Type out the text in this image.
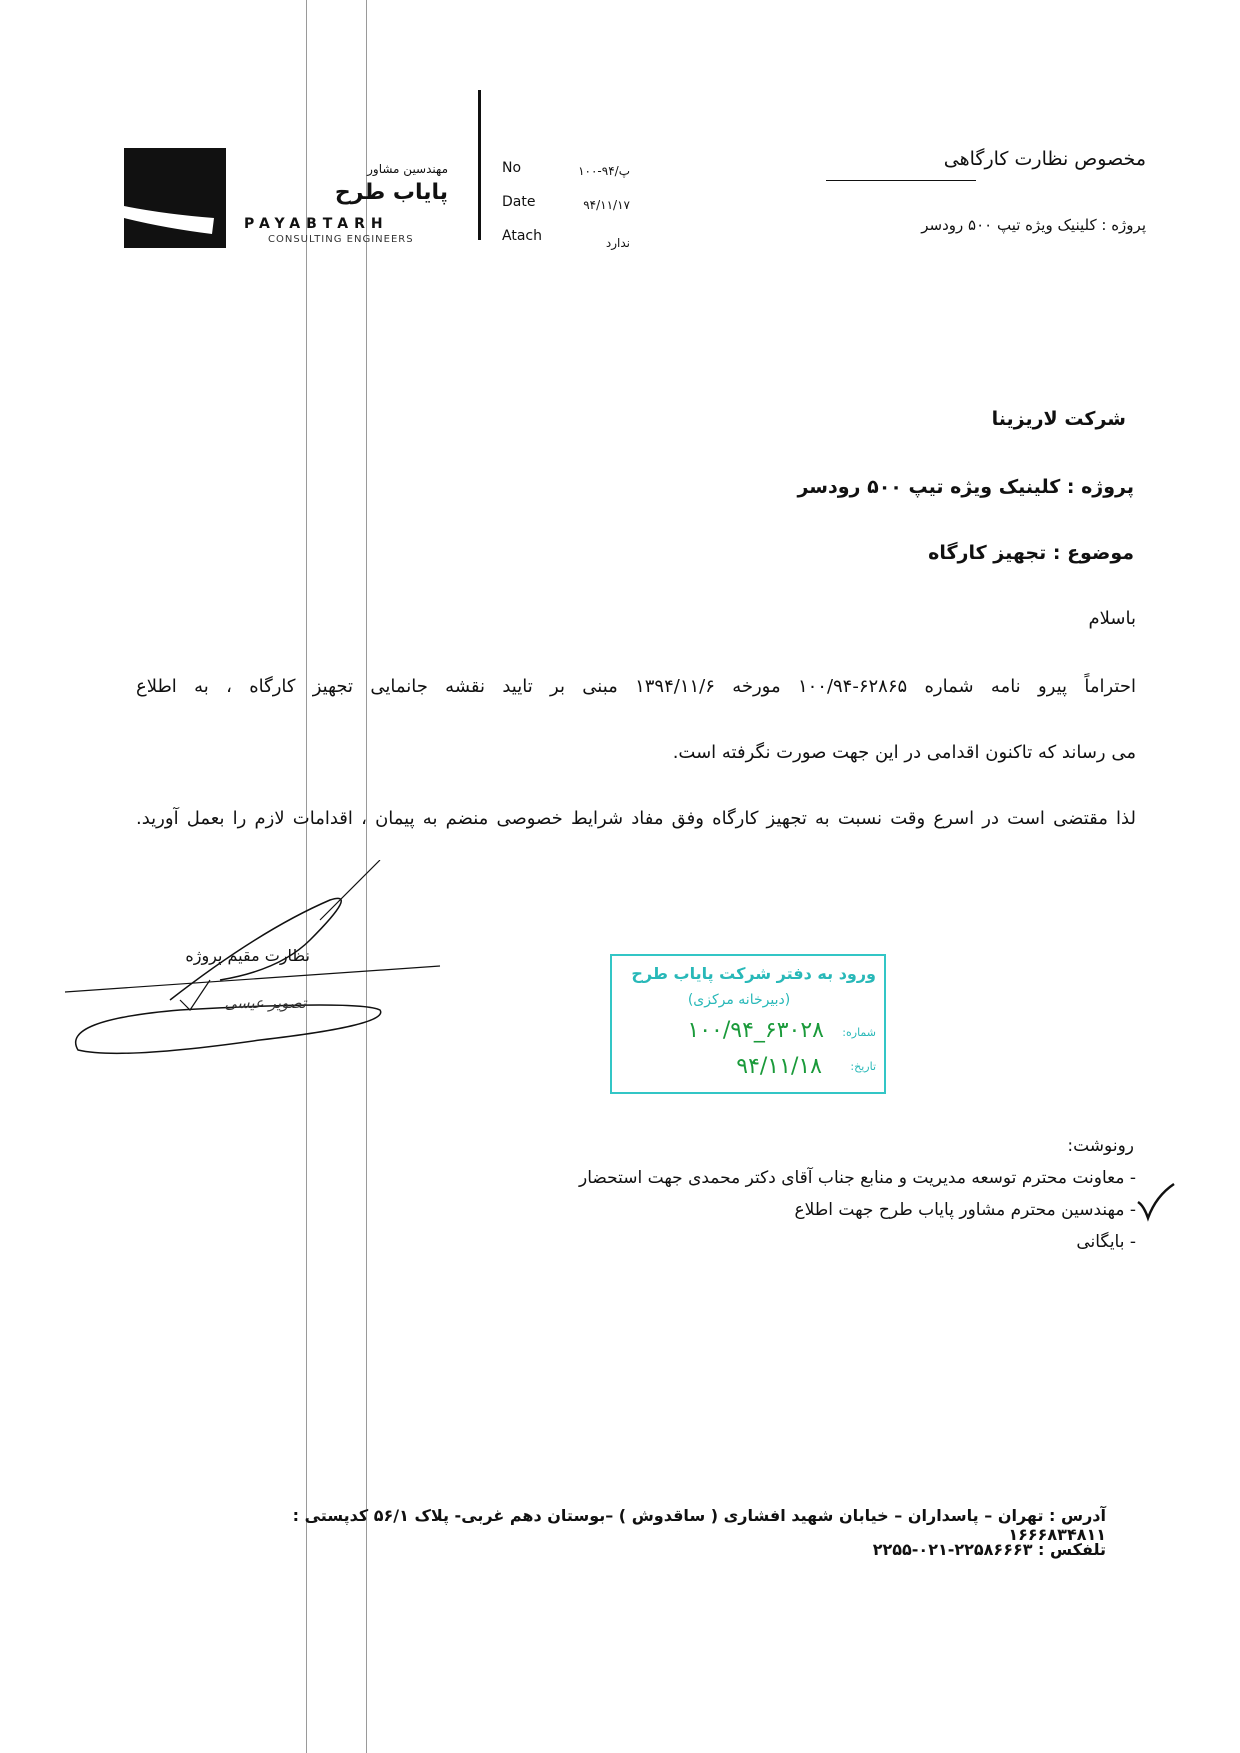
مهندسین مشاور
پایاب طرح
PAYABTARH
CONSULTING ENGINEERS
No	پ/۹۴-۱۰۰
Date	۹۴/۱۱/۱۷
Atach	ندارد
مخصوص نظارت کارگاهی
پروژه : کلینیک ویژه تیپ ۵۰۰ رودسر
شرکت لاریزینا
پروژه : کلینیک ویژه تیپ ۵۰۰ رودسر
موضوع : تجهیز کارگاه
باسلام
احتراماً پیرو نامه شماره ۶۲۸۶۵-۱۰۰/۹۴ مورخه ۱۳۹۴/۱۱/۶ مبنی بر تایید نقشه جانمایی تجهیز کارگاه ، به اطلاع
می رساند که تاکنون اقدامی در این جهت صورت نگرفته است.
لذا مقتضی است در اسرع وقت نسبت به تجهیز کارگاه وفق مفاد شرایط خصوصی منضم به پیمان ، اقدامات لازم را بعمل آورید.
نظارت مقیم پروژه
تصویر عیسی
ورود به دفتر شرکت پایاب طرح
(دبیرخانه مرکزی)
شماره:
۱۰۰/۹۴_۶۳۰۲۸
تاریخ:
۹۴/۱۱/۱۸
رونوشت:
- معاونت محترم توسعه مدیریت و منابع جناب آقای دکتر محمدی جهت استحضار
- مهندسین محترم مشاور پایاب طرح جهت اطلاع
- بایگانی
آدرس : تهران – پاسداران – خیابان شهید افشاری ( ساقدوش ) –بوستان دهم غربی- پلاک ۵۶/۱ کدپستی : ۱۶۶۶۸۳۴۸۱۱
تلفکس : ۲۲۵۸۶۶۶۳-۰۲۱-۲۲۵۵
